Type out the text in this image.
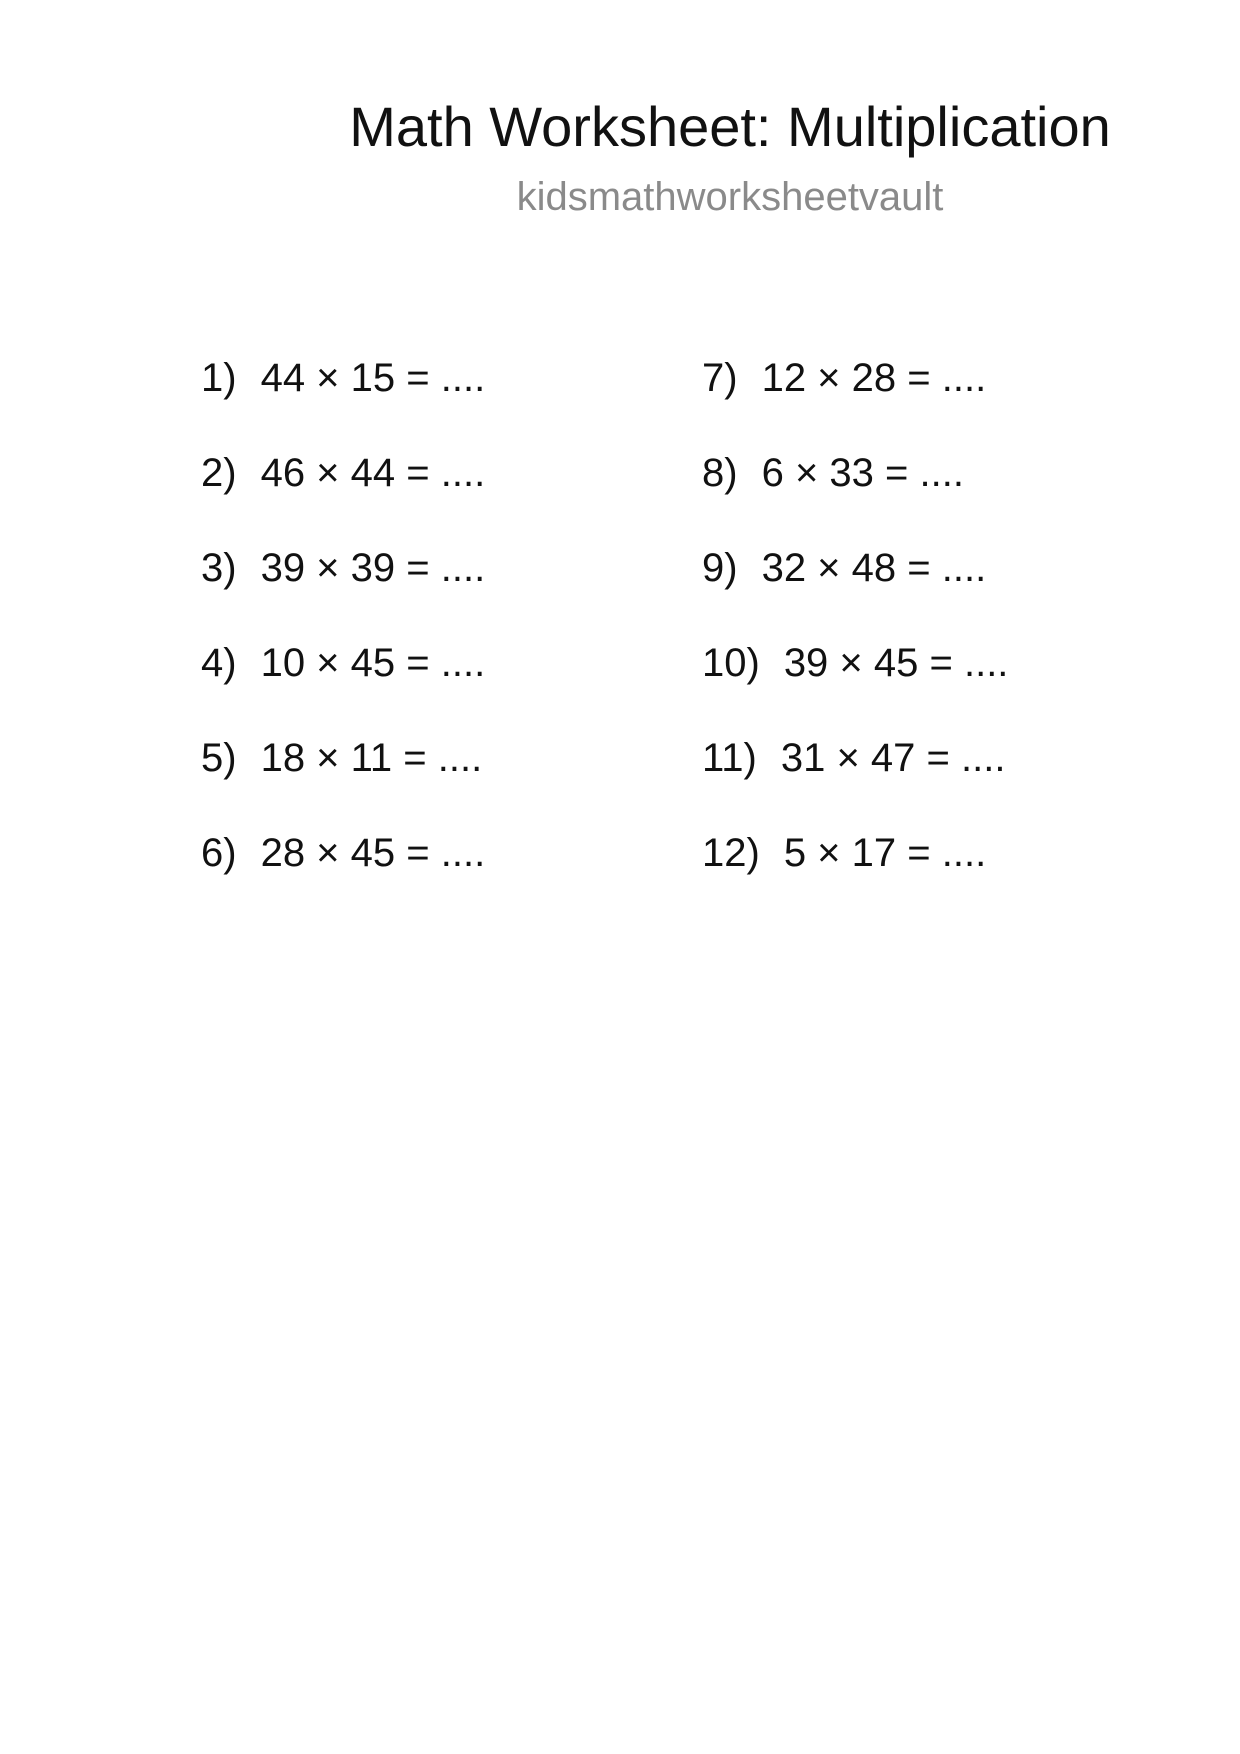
Math Worksheet: Multiplication
kidsmathworksheetvault
1) 44 × 15 = ....
2) 46 × 44 = ....
3) 39 × 39 = ....
4) 10 × 45 = ....
5) 18 × 11 = ....
6) 28 × 45 = ....
7) 12 × 28 = ....
8) 6 × 33 = ....
9) 32 × 48 = ....
10) 39 × 45 = ....
11) 31 × 47 = ....
12) 5 × 17 = ....
